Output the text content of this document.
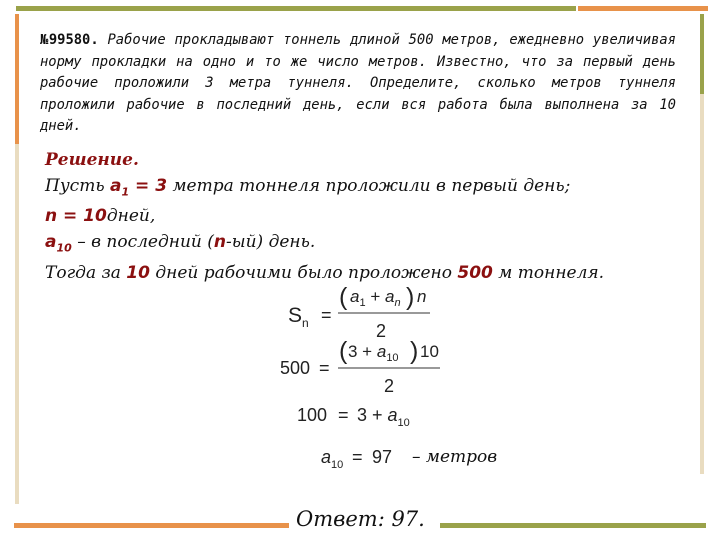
№99580. Рабочие прокладывают тоннель длиной 500 метров, ежедневно увеличивая норму прокладки на одно и то же число метров. Известно, что за первый день рабочие проложили 3 метра туннеля. Определите, сколько метров туннеля проложили рабочие в последний день, если вся работа была выполнена за 10 дней.
Решение.
Пусть $a_1 = 3$ метра тоннеля проложили в первый день;
n = 10дней,
$a_{10}$ – в последний (n-ый) день.
Тогда за 10 дней рабочими было проложено 500 м тоннеля.
$S_n$ =
( $a_1 + a_n$ ) n
2
500 =
( $3 + a_{10}$ ) 10
2
$100 = 3 + a_{10}$
$a_{10} = 97$ – метров
Ответ: 97.
